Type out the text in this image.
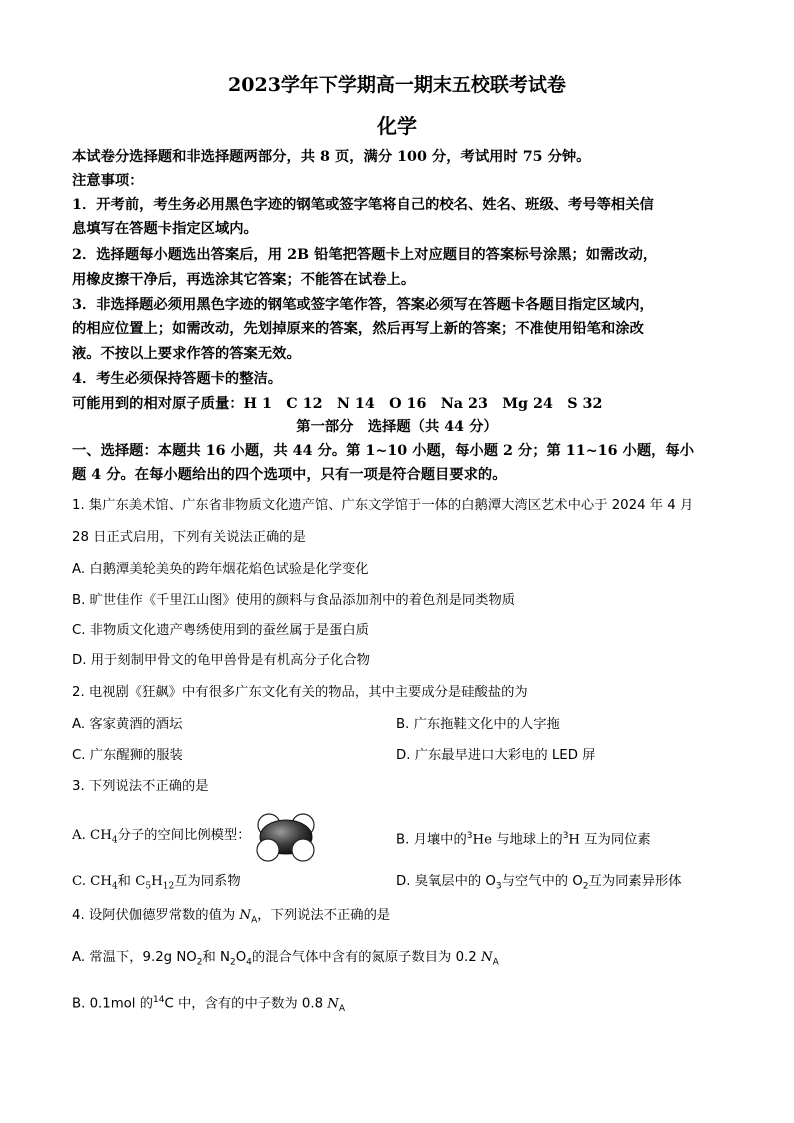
2023学年下学期高一期末五校联考试卷
化学
本试卷分选择题和非选择题两部分，共 8 页，满分 100 分，考试用时 75 分钟。
注意事项：
1．开考前，考生务必用黑色字迹的钢笔或签字笔将自己的校名、姓名、班级、考号等相关信
息填写在答题卡指定区域内。
2．选择题每小题选出答案后，用 2B 铅笔把答题卡上对应题目的答案标号涂黑；如需改动，
用橡皮擦干净后，再选涂其它答案；不能答在试卷上。
3．非选择题必须用黑色字迹的钢笔或签字笔作答，答案必须写在答题卡各题目指定区域内，
的相应位置上；如需改动，先划掉原来的答案，然后再写上新的答案；不准使用铅笔和涂改
液。不按以上要求作答的答案无效。
4．考生必须保持答题卡的整洁。
可能用到的相对原子质量：H 1　C 12　N 14　O 16　Na 23　Mg 24　S 32
第一部分　选择题（共 44 分）
一、选择题：本题共 16 小题，共 44 分。第 1~10 小题，每小题 2 分；第 11~16 小题，每小
题 4 分。在每小题给出的四个选项中，只有一项是符合题目要求的。
1. 集广东美术馆、广东省非物质文化遗产馆、广东文学馆于一体的白鹅潭大湾区艺术中心于 2024 年 4 月
28 日正式启用，下列有关说法正确的是
A. 白鹅潭美轮美奂的跨年烟花焰色试验是化学变化
B. 旷世佳作《千里江山图》使用的颜料与食品添加剂中的着色剂是同类物质
C. 非物质文化遗产粤绣使用到的蚕丝属于是蛋白质
D. 用于刻制甲骨文的龟甲兽骨是有机高分子化合物
2. 电视剧《狂飙》中有很多广东文化有关的物品，其中主要成分是硅酸盐的为
A. 客家黄酒的酒坛	B. 广东拖鞋文化中的人字拖
C. 广东醒狮的服装	D. 广东最早进口大彩电的 LED 屏
3. 下列说法不正确的是
A. $CH_4$分子的空间比例模型：	B. 月壤中的$^3$He 与地球上的$^3$H 互为同位素
C. $CH_4$和 $C_5H_{12}$互为同系物	D. 臭氧层中的 $O_3$与空气中的 $O_2$互为同素异形体
4. 设阿伏伽德罗常数的值为 $N_A$，下列说法不正确的是
A. 常温下，9.2g $NO_2$和 $N_2O_4$的混合气体中含有的氮原子数目为 0.2 $N_A$
B. 0.1mol 的$^{14}$C 中，含有的中子数为 0.8 $N_A$
